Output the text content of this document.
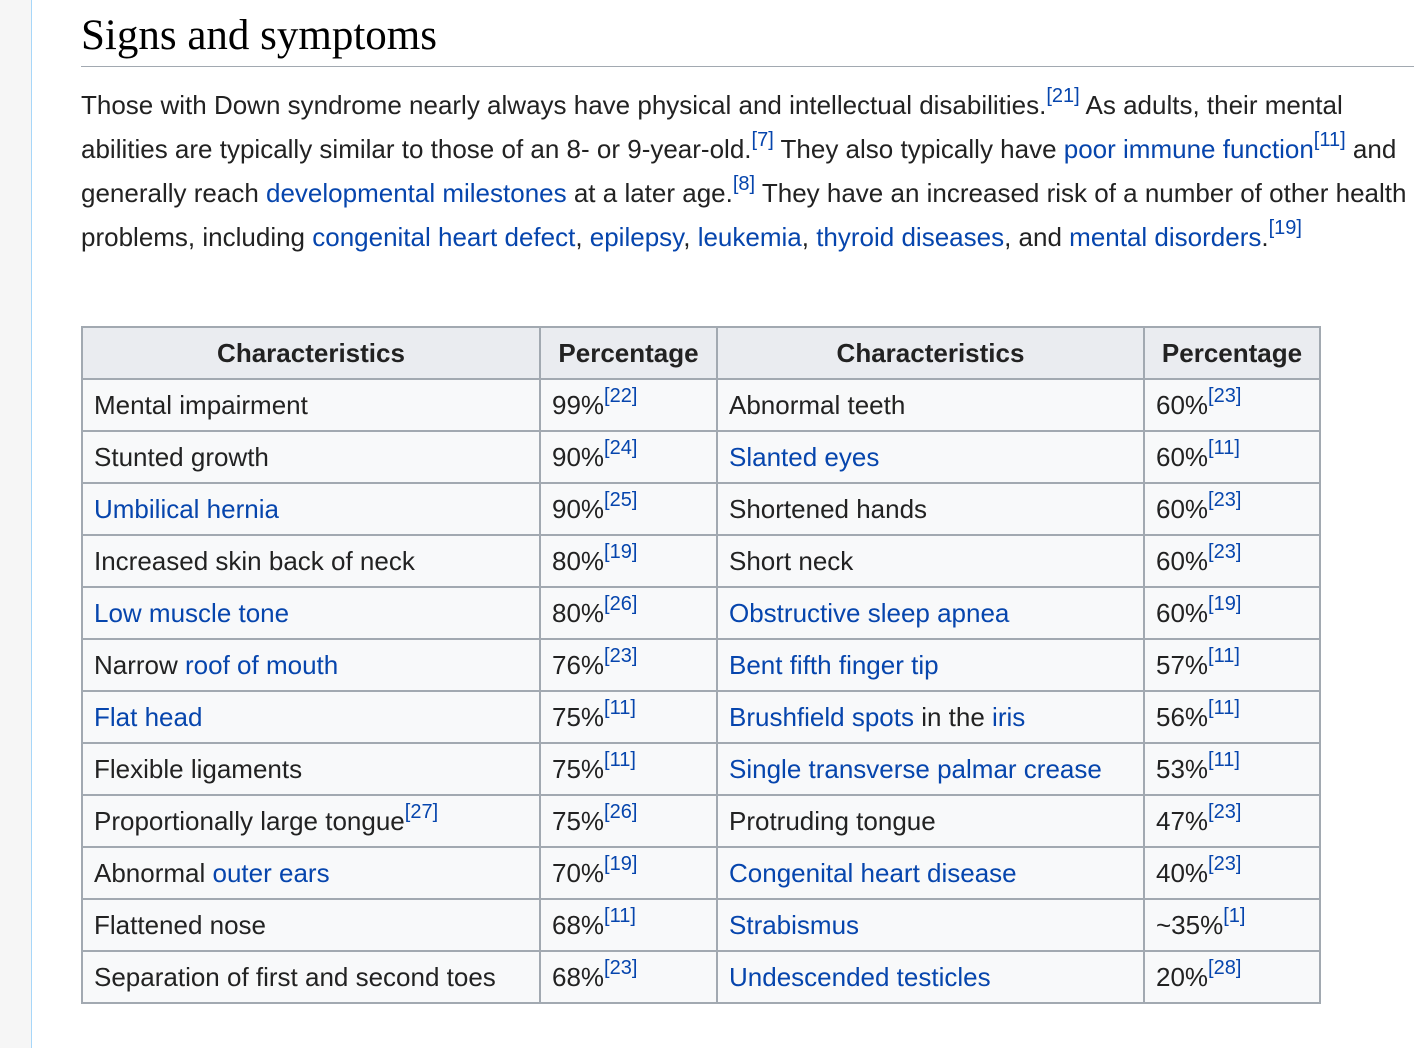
Signs and symptoms

Those with Down syndrome nearly always have physical and intellectual disabilities.[21] As adults, their mental abilities are typically similar to those of an 8- or 9-year-old.[7] They also typically have poor immune function[11] and generally reach developmental milestones at a later age.[8] They have an increased risk of a number of other health problems, including congenital heart defect, epilepsy, leukemia, thyroid diseases, and mental disorders.[19]

Characteristics	Percentage	Characteristics	Percentage
Mental impairment	99%[22]	Abnormal teeth	60%[23]
Stunted growth	90%[24]	Slanted eyes	60%[11]
Umbilical hernia	90%[25]	Shortened hands	60%[23]
Increased skin back of neck	80%[19]	Short neck	60%[23]
Low muscle tone	80%[26]	Obstructive sleep apnea	60%[19]
Narrow roof of mouth	76%[23]	Bent fifth finger tip	57%[11]
Flat head	75%[11]	Brushfield spots in the iris	56%[11]
Flexible ligaments	75%[11]	Single transverse palmar crease	53%[11]
Proportionally large tongue[27]	75%[26]	Protruding tongue	47%[23]
Abnormal outer ears	70%[19]	Congenital heart disease	40%[23]
Flattened nose	68%[11]	Strabismus	~35%[1]
Separation of first and second toes	68%[23]	Undescended testicles	20%[28]
